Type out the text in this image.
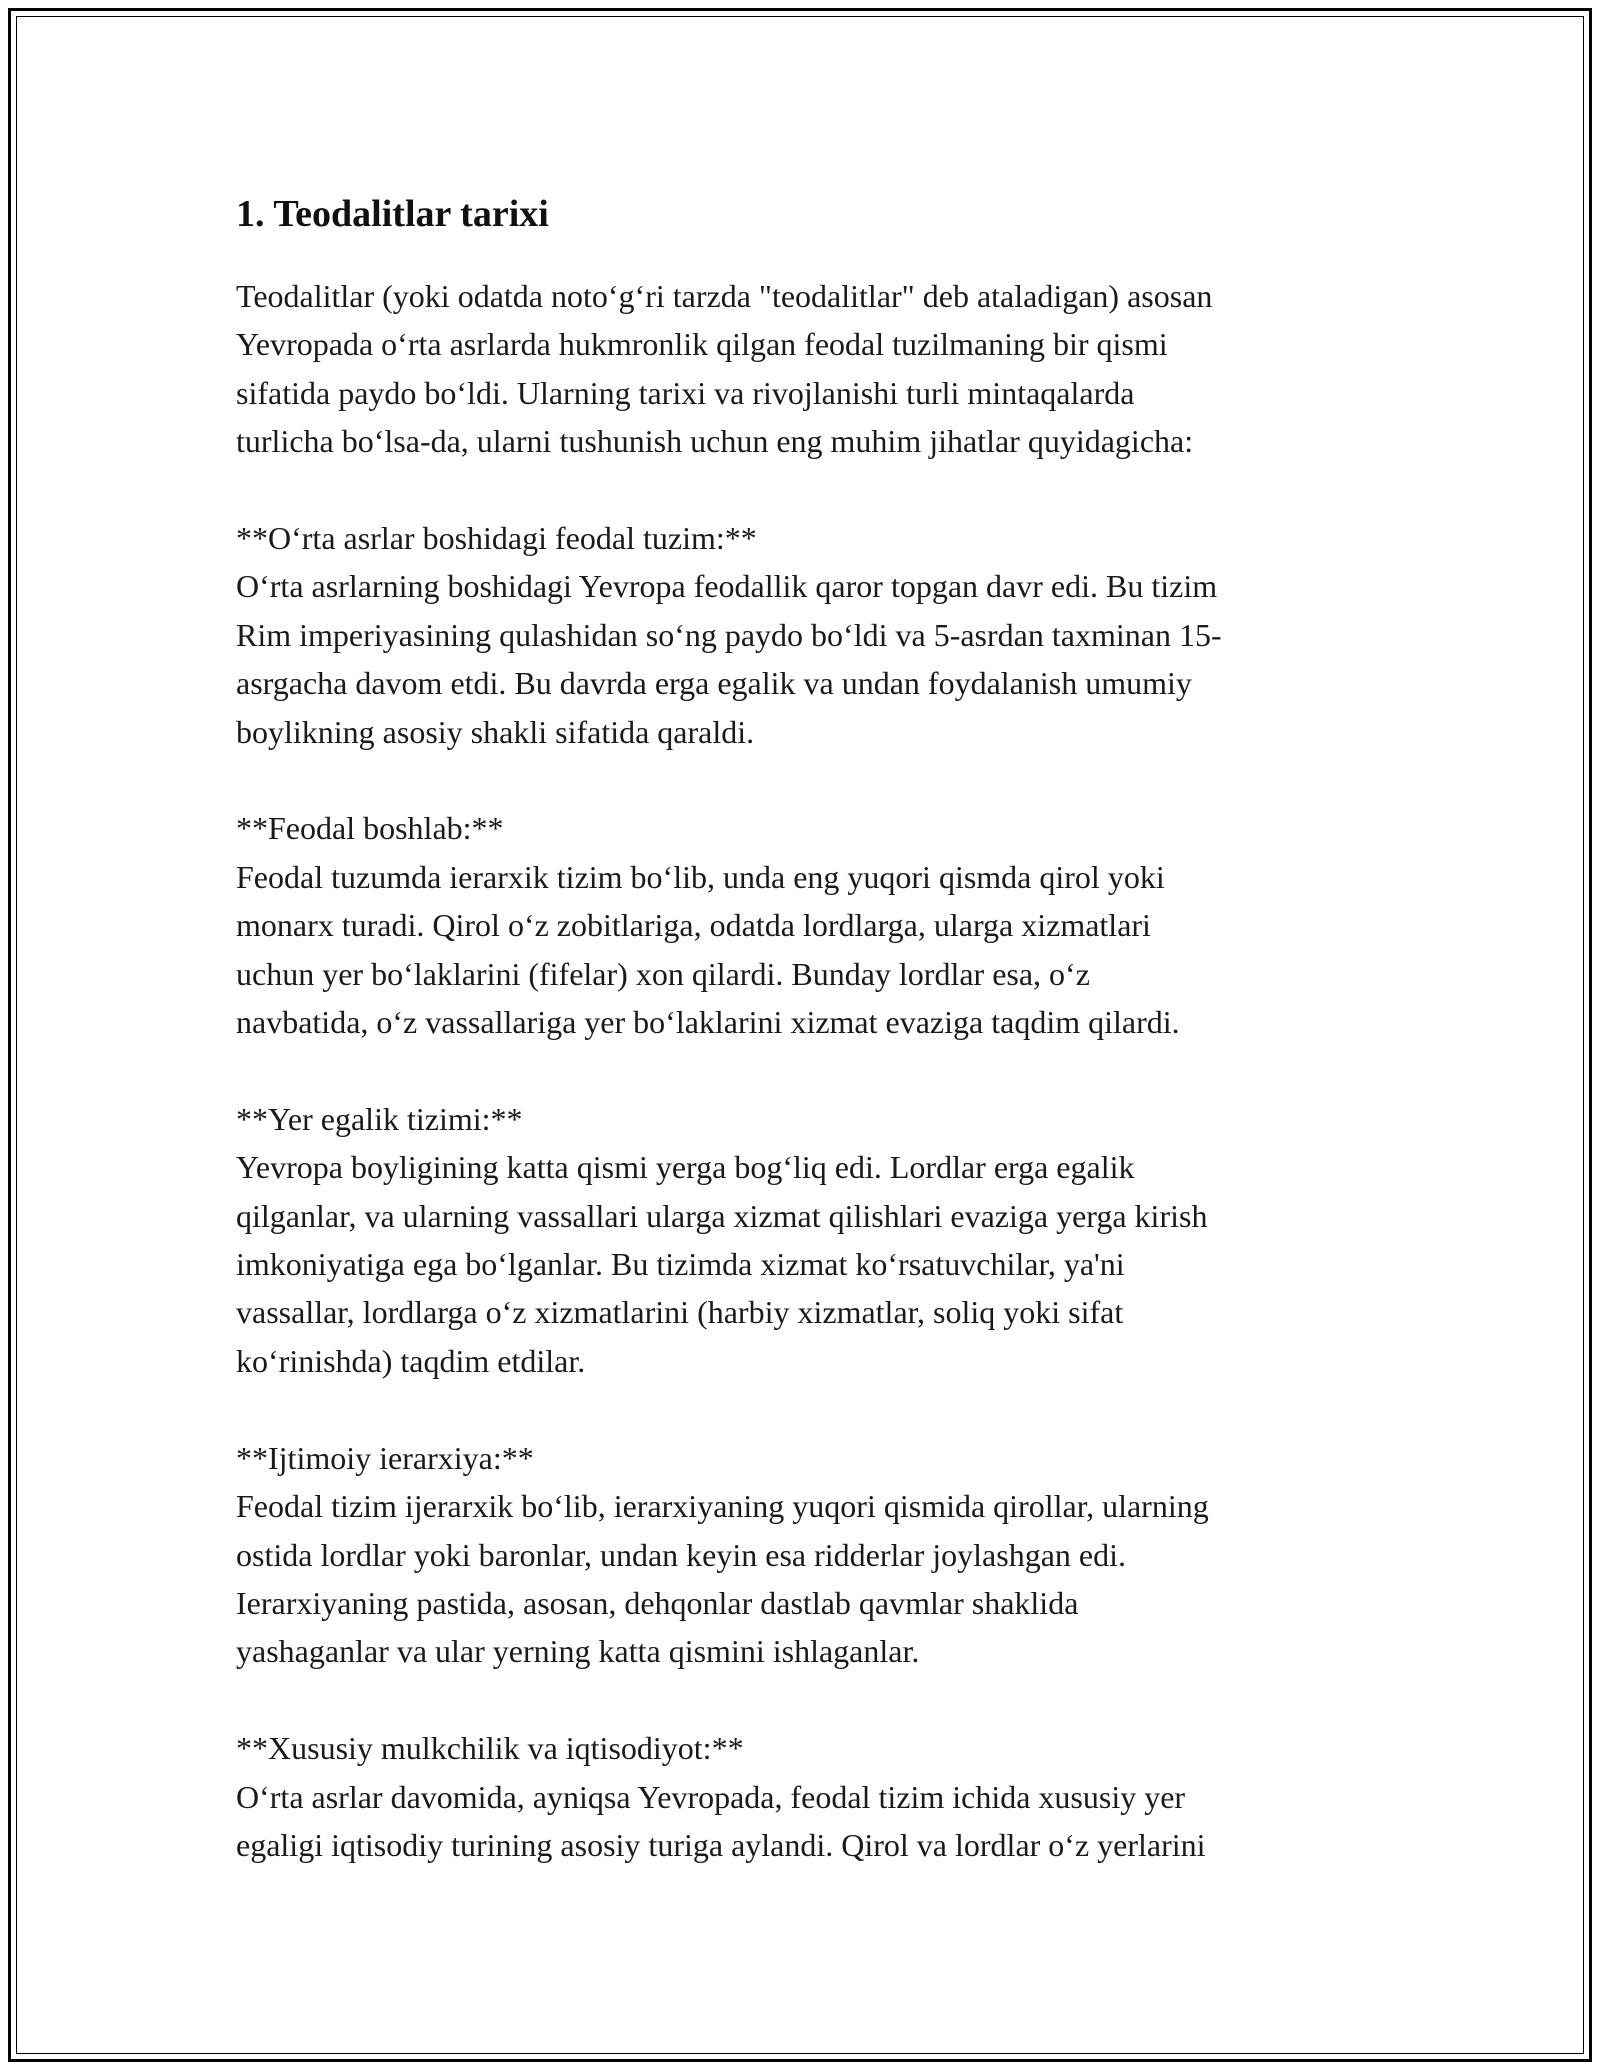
1. Teodalitlar tarixi
Teodalitlar (yoki odatda noto‘g‘ri tarzda "teodalitlar" deb ataladigan) asosan
Yevropada o‘rta asrlarda hukmronlik qilgan feodal tuzilmaning bir qismi
sifatida paydo bo‘ldi. Ularning tarixi va rivojlanishi turli mintaqalarda
turlicha bo‘lsa-da, ularni tushunish uchun eng muhim jihatlar quyidagicha:
**O‘rta asrlar boshidagi feodal tuzim:**
O‘rta asrlarning boshidagi Yevropa feodallik qaror topgan davr edi. Bu tizim
Rim imperiyasining qulashidan so‘ng paydo bo‘ldi va 5-asrdan taxminan 15-
asrgacha davom etdi. Bu davrda erga egalik va undan foydalanish umumiy
boylikning asosiy shakli sifatida qaraldi.
**Feodal boshlab:**
Feodal tuzumda ierarxik tizim bo‘lib, unda eng yuqori qismda qirol yoki
monarx turadi. Qirol o‘z zobitlariga, odatda lordlarga, ularga xizmatlari
uchun yer bo‘laklarini (fifelar) xon qilardi. Bunday lordlar esa, o‘z
navbatida, o‘z vassallariga yer bo‘laklarini xizmat evaziga taqdim qilardi.
**Yer egalik tizimi:**
Yevropa boyligining katta qismi yerga bog‘liq edi. Lordlar erga egalik
qilganlar, va ularning vassallari ularga xizmat qilishlari evaziga yerga kirish
imkoniyatiga ega bo‘lganlar. Bu tizimda xizmat ko‘rsatuvchilar, ya'ni
vassallar, lordlarga o‘z xizmatlarini (harbiy xizmatlar, soliq yoki sifat
ko‘rinishda) taqdim etdilar.
**Ijtimoiy ierarxiya:**
Feodal tizim ijerarxik bo‘lib, ierarxiyaning yuqori qismida qirollar, ularning
ostida lordlar yoki baronlar, undan keyin esa ridderlar joylashgan edi.
Ierarxiyaning pastida, asosan, dehqonlar dastlab qavmlar shaklida
yashaganlar va ular yerning katta qismini ishlaganlar.
**Xususiy mulkchilik va iqtisodiyot:**
O‘rta asrlar davomida, ayniqsa Yevropada, feodal tizim ichida xususiy yer
egaligi iqtisodiy turining asosiy turiga aylandi. Qirol va lordlar o‘z yerlarini
